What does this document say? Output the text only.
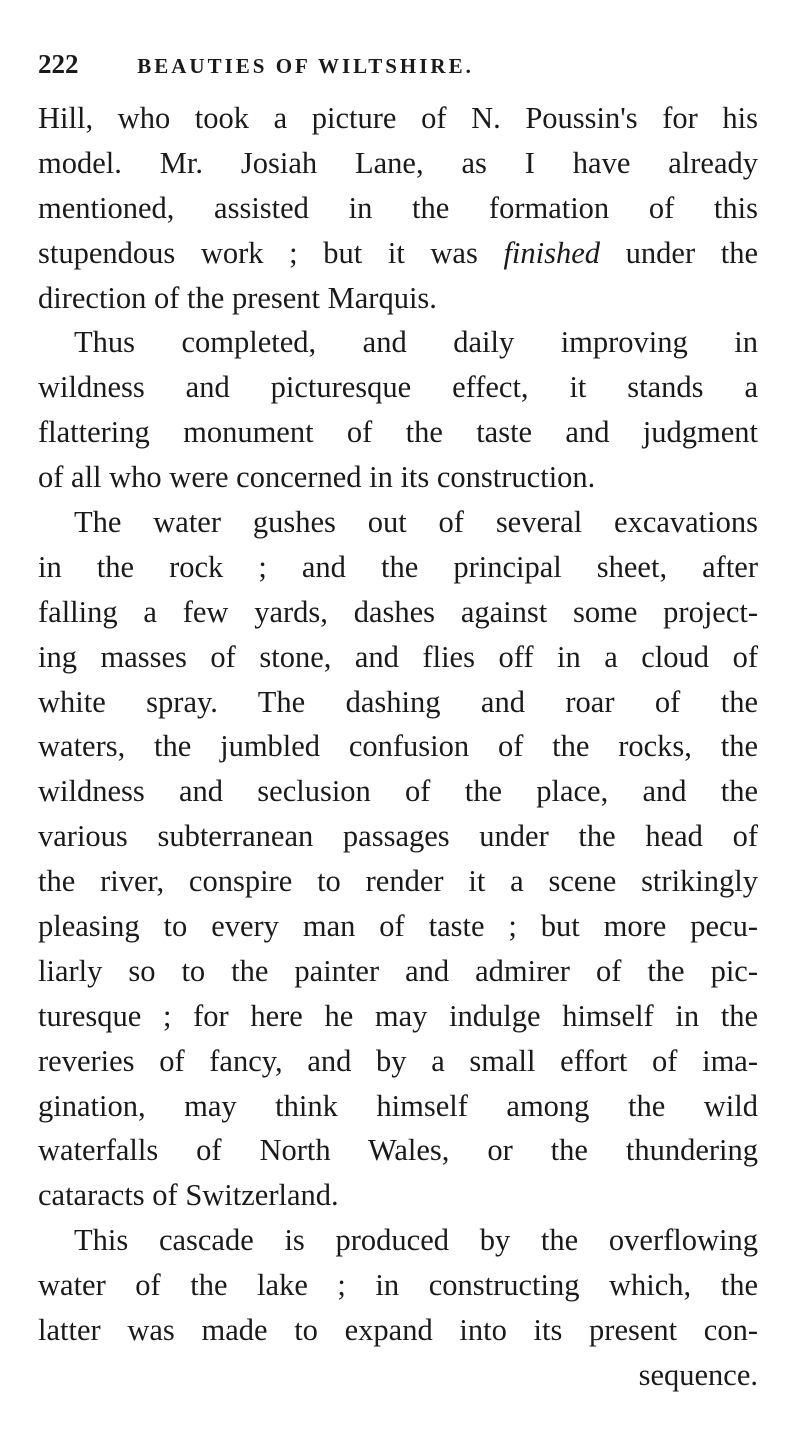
222	BEAUTIES OF WILTSHIRE.
Hill, who took a picture of N. Poussin's for his
model. Mr. Josiah Lane, as I have already
mentioned, assisted in the formation of this
stupendous work ; but it was finished under the
direction of the present Marquis.
Thus completed, and daily improving in
wildness and picturesque effect, it stands a
flattering monument of the taste and judgment
of all who were concerned in its construction.
The water gushes out of several excavations
in the rock ; and the principal sheet, after
falling a few yards, dashes against some project-
ing masses of stone, and flies off in a cloud of
white spray. The dashing and roar of the
waters, the jumbled confusion of the rocks, the
wildness and seclusion of the place, and the
various subterranean passages under the head of
the river, conspire to render it a scene strikingly
pleasing to every man of taste ; but more pecu-
liarly so to the painter and admirer of the pic-
turesque ; for here he may indulge himself in the
reveries of fancy, and by a small effort of ima-
gination, may think himself among the wild
waterfalls of North Wales, or the thundering
cataracts of Switzerland.
This cascade is produced by the overflowing
water of the lake ; in constructing which, the
latter was made to expand into its present con-
sequence.
